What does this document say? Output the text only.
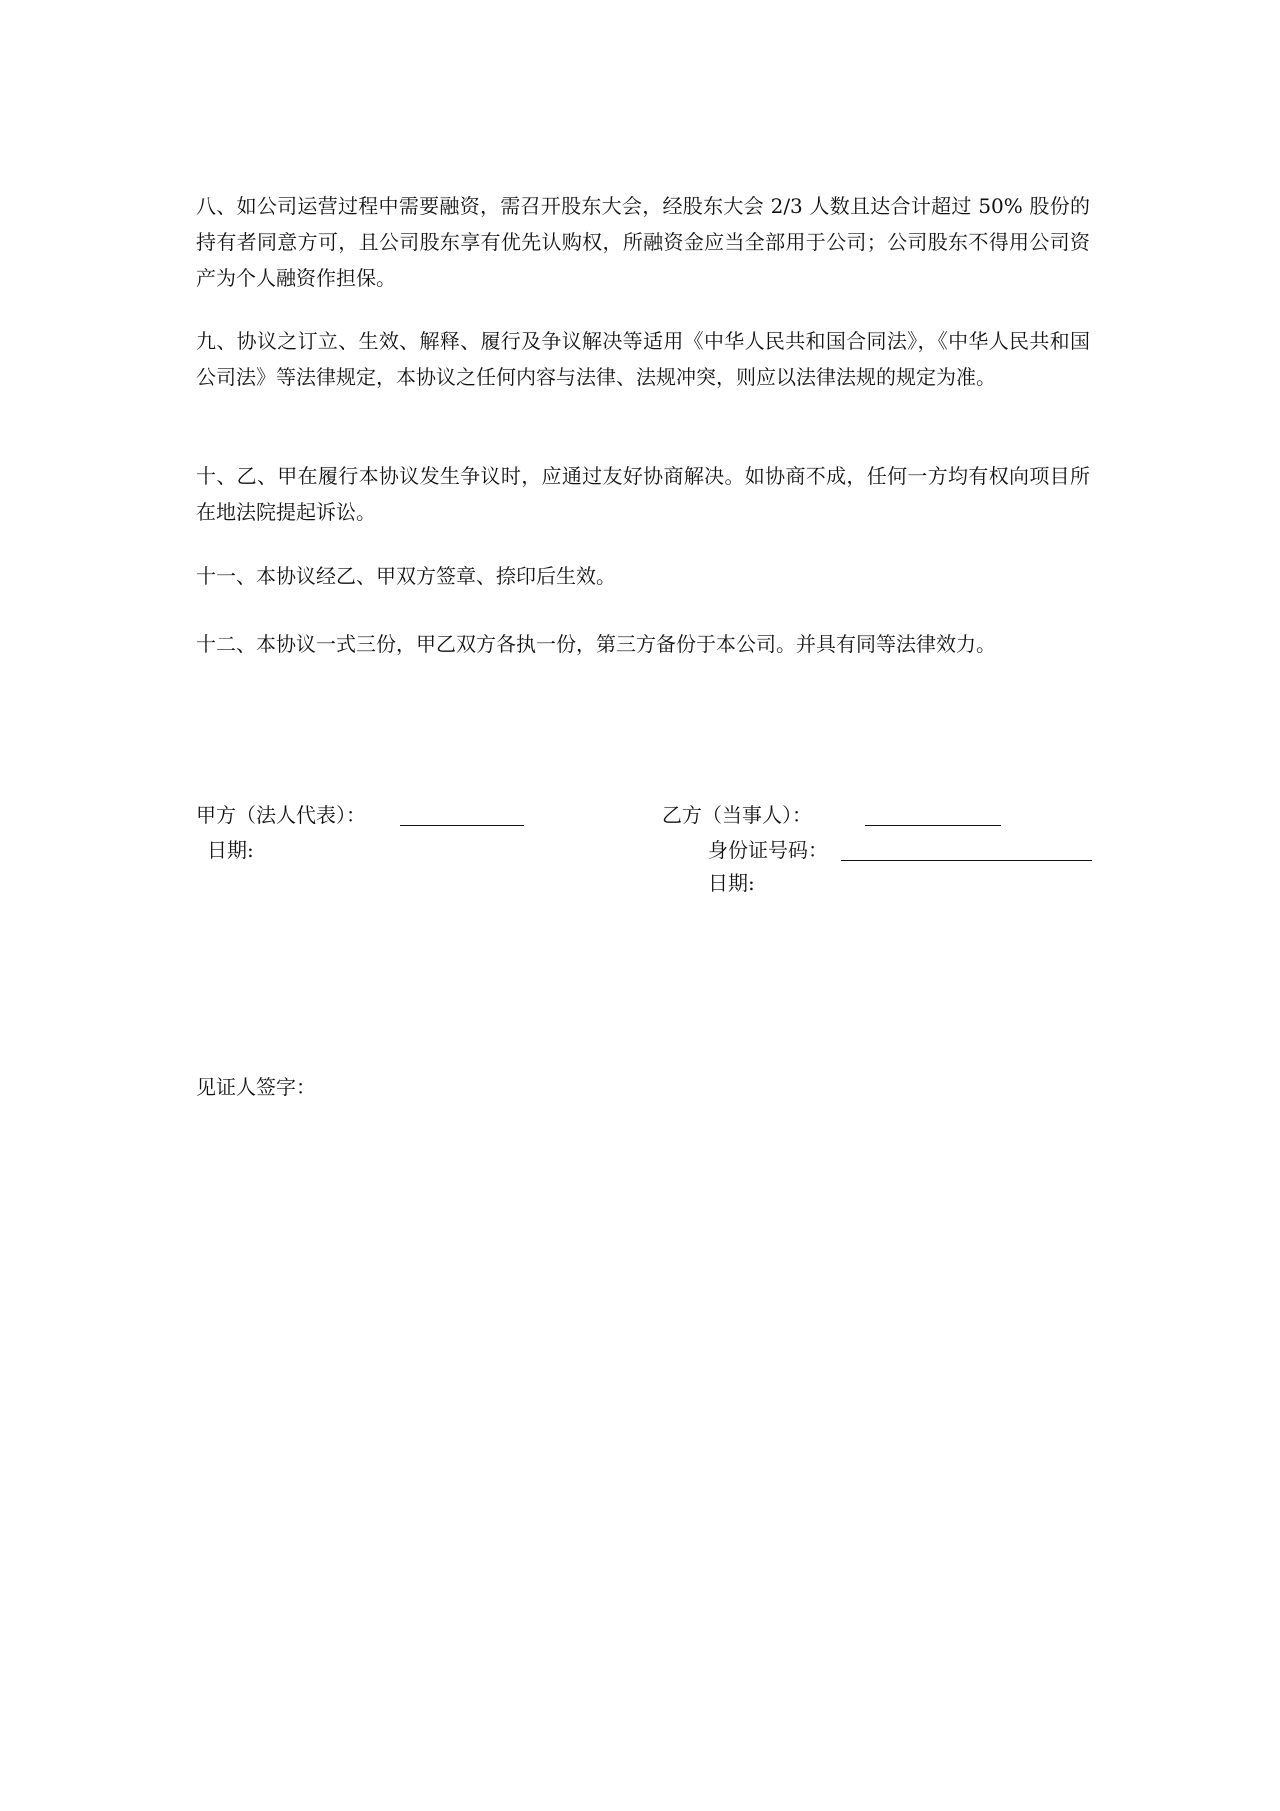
八、如公司运营过程中需要融资，需召开股东大会，经股东大会 2/3 人数且达合计超过 50% 股份的持有者同意方可，且公司股东享有优先认购权，所融资金应当全部用于公司；公司股东不得用公司资产为个人融资作担保。

九、协议之订立、生效、解释、履行及争议解决等适用《中华人民共和国合同法》，《中华人民共和国公司法》等法律规定，本协议之任何内容与法律、法规冲突，则应以法律法规的规定为准。

十、乙、甲在履行本协议发生争议时，应通过友好协商解决。如协商不成，任何一方均有权向项目所在地法院提起诉讼。

十一、本协议经乙、甲双方签章、捺印后生效。

十二、本协议一式三份，甲乙双方各执一份，第三方备份于本公司。并具有同等法律效力。

甲方（法人代表）：

日期:

乙方（当事人）：

身份证号码：

日期:

见证人签字：
